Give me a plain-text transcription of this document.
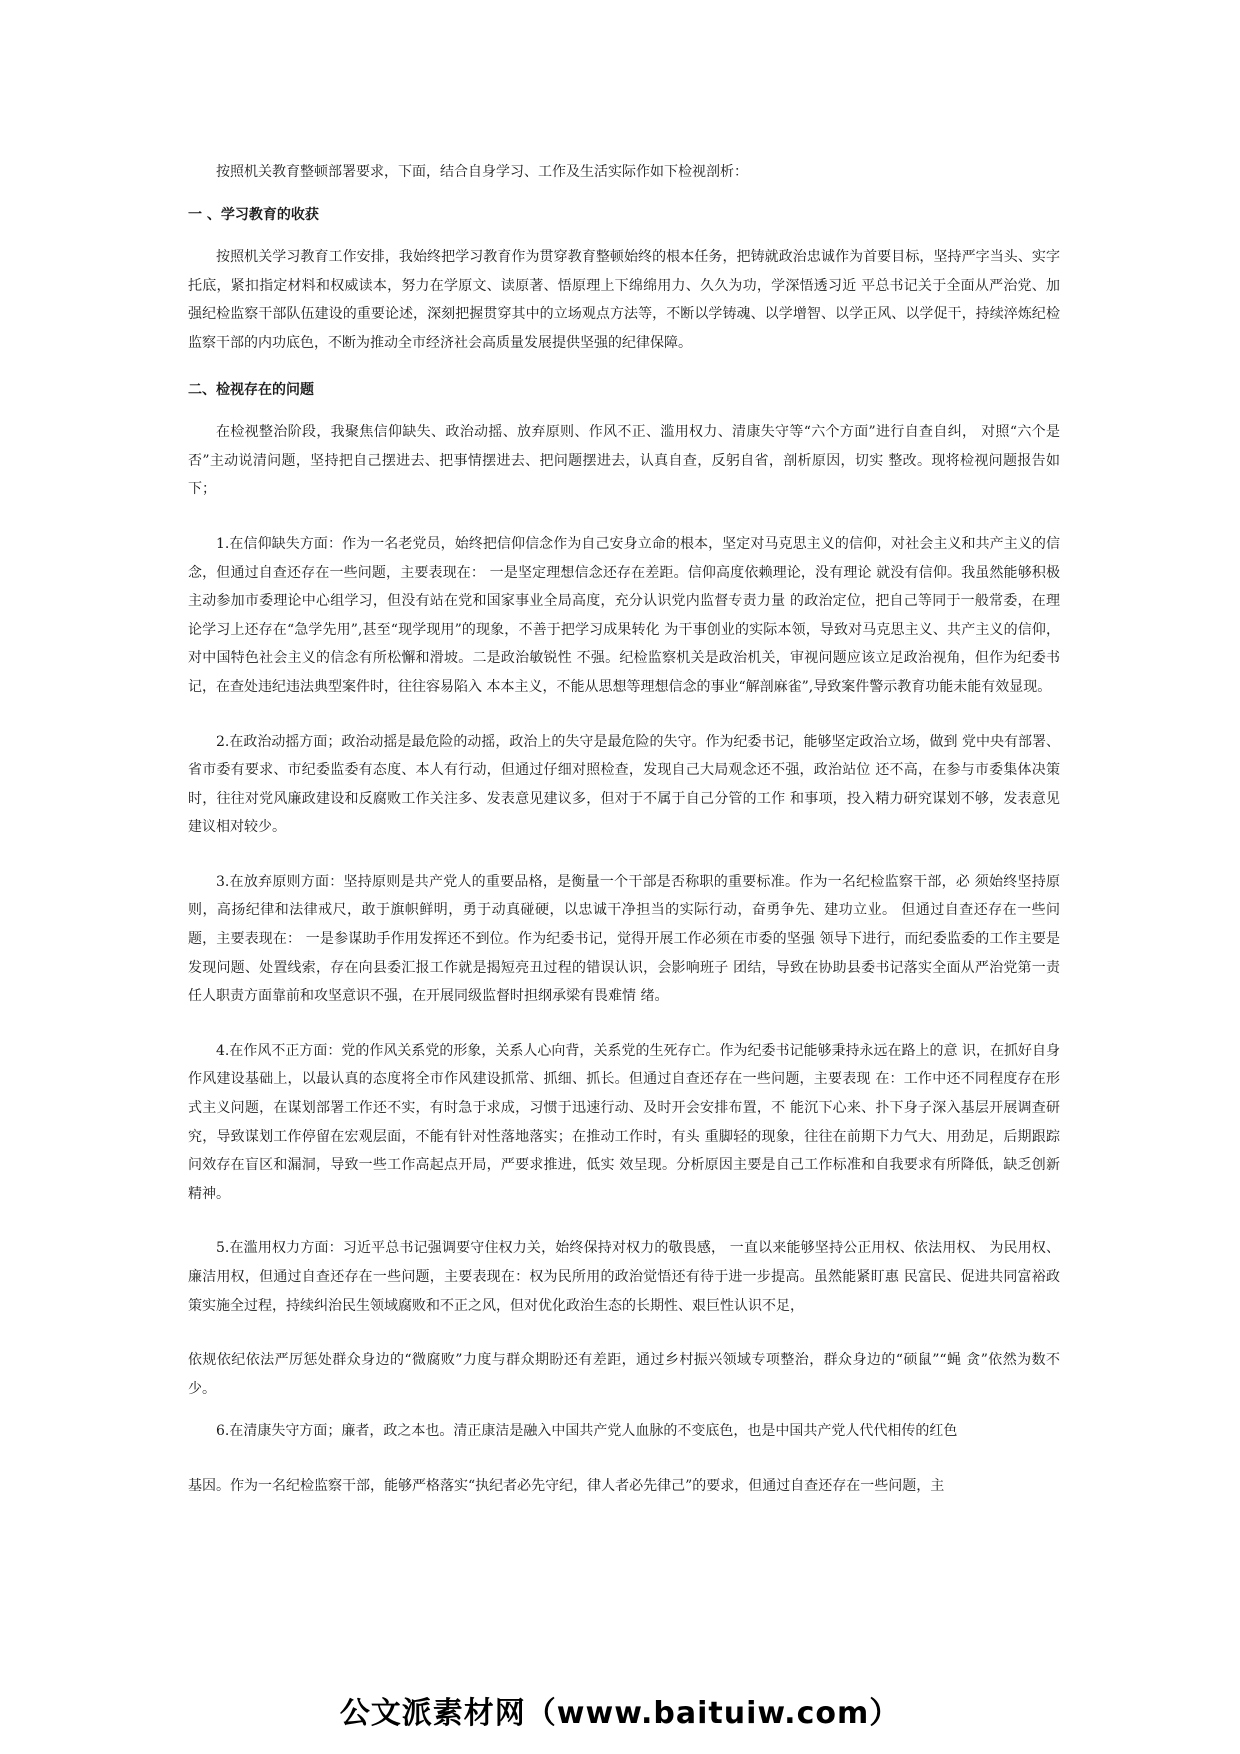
按照机关教育整顿部署要求，下面，结合自身学习、工作及生活实际作如下检视剖析：

一 、学习教育的收获

按照机关学习教育工作安排，我始终把学习教育作为贯穿教育整顿始终的根本任务，把铸就政治忠诚作为首要目标，坚持严字当头、实字托底，紧扣指定材料和权威读本，努力在学原文、读原著、悟原理上下绵绵用力、久久为功，学深悟透习近 平总书记关于全面从严治党、加强纪检监察干部队伍建设的重要论述，深刻把握贯穿其中的立场观点方法等，不断以学铸魂、以学增智、以学正风、以学促干，持续淬炼纪检监察干部的内功底色，不断为推动全市经济社会高质量发展提供坚强的纪律保障。

二、检视存在的问题

在检视整治阶段，我聚焦信仰缺失、政治动摇、放弃原则、作风不正、滥用权力、清康失守等“六个方面”进行自查自纠， 对照“六个是否”主动说清问题，坚持把自己摆进去、把事情摆进去、把问题摆进去，认真自查，反躬自省，剖析原因，切实 整改。现将检视问题报告如下；

1.在信仰缺失方面：作为一名老党员，始终把信仰信念作为自己安身立命的根本，坚定对马克思主义的信仰，对社会主义和共产主义的信念，但通过自查还存在一些问题，主要表现在： 一是坚定理想信念还存在差距。信仰高度依赖理论，没有理论 就没有信仰。我虽然能够积极主动参加市委理论中心组学习，但没有站在党和国家事业全局高度，充分认识党内监督专责力量 的政治定位，把自己等同于一般常委，在理论学习上还存在“急学先用”,甚至“现学现用”的现象，不善于把学习成果转化 为干事创业的实际本领，导致对马克思主义、共产主义的信仰，对中国特色社会主义的信念有所松懈和滑坡。二是政治敏锐性 不强。纪检监察机关是政治机关，审视问题应该立足政治视角，但作为纪委书记，在查处违纪违法典型案件时，往往容易陷入 本本主义，不能从思想等理想信念的事业“解剖麻雀”,导致案件警示教育功能未能有效显现。

2.在政治动摇方面；政治动摇是最危险的动摇，政治上的失守是最危险的失守。作为纪委书记，能够坚定政治立场，做到 党中央有部署、省市委有要求、市纪委监委有态度、本人有行动，但通过仔细对照检查，发现自己大局观念还不强，政治站位 还不高，在参与市委集体决策时，往往对党风廉政建设和反腐败工作关注多、发表意见建议多，但对于不属于自己分管的工作 和事项，投入精力研究谋划不够，发表意见建议相对较少。

3.在放弃原则方面：坚持原则是共产党人的重要品格，是衡量一个干部是否称职的重要标准。作为一名纪检监察干部，必 须始终坚持原则，高扬纪律和法律戒尺，敢于旗帜鲜明，勇于动真碰硬，以忠诚干净担当的实际行动，奋勇争先、建功立业。 但通过自查还存在一些问题，主要表现在： 一是参谋助手作用发挥还不到位。作为纪委书记，觉得开展工作必须在市委的坚强 领导下进行，而纪委监委的工作主要是发现问题、处置线索，存在向县委汇报工作就是揭短亮丑过程的错误认识，会影响班子 团结，导致在协助县委书记落实全面从严治党第一责任人职责方面靠前和攻坚意识不强，在开展同级监督时担纲承梁有畏难情 绪。

4.在作风不正方面：党的作风关系党的形象，关系人心向背，关系党的生死存亡。作为纪委书记能够秉持永远在路上的意 识，在抓好自身作风建设基础上，以最认真的态度将全市作风建设抓常、抓细、抓长。但通过自查还存在一些问题，主要表现 在：工作中还不同程度存在形式主义问题，在谋划部署工作还不实，有时急于求成，习惯于迅速行动、及时开会安排布置，不 能沉下心来、扑下身子深入基层开展调查研究，导致谋划工作停留在宏观层面，不能有针对性落地落实；在推动工作时，有头 重脚轻的现象，往往在前期下力气大、用劲足，后期跟踪问效存在盲区和漏洞，导致一些工作高起点开局，严要求推进，低实 效呈现。分析原因主要是自己工作标准和自我要求有所降低，缺乏创新精神。

5.在滥用权力方面：习近平总书记强调要守住权力关，始终保持对权力的敬畏感， 一直以来能够坚持公正用权、依法用权、 为民用权、廉洁用权，但通过自查还存在一些问题，主要表现在：权为民所用的政治觉悟还有待于进一步提高。虽然能紧盯惠 民富民、促进共同富裕政策实施全过程，持续纠治民生领域腐败和不正之风，但对优化政治生态的长期性、艰巨性认识不足，

依规依纪依法严厉惩处群众身边的“微腐败”力度与群众期盼还有差距，通过乡村振兴领域专项整治，群众身边的“硕鼠”“蝇 贪”依然为数不少。

6.在清康失守方面；廉者，政之本也。清正康洁是融入中国共产党人血脉的不变底色，也是中国共产党人代代相传的红色

基因。作为一名纪检监察干部，能够严格落实“执纪者必先守纪，律人者必先律己”的要求，但通过自查还存在一些问题，主

公文派素材网（www.baituiw.com）
